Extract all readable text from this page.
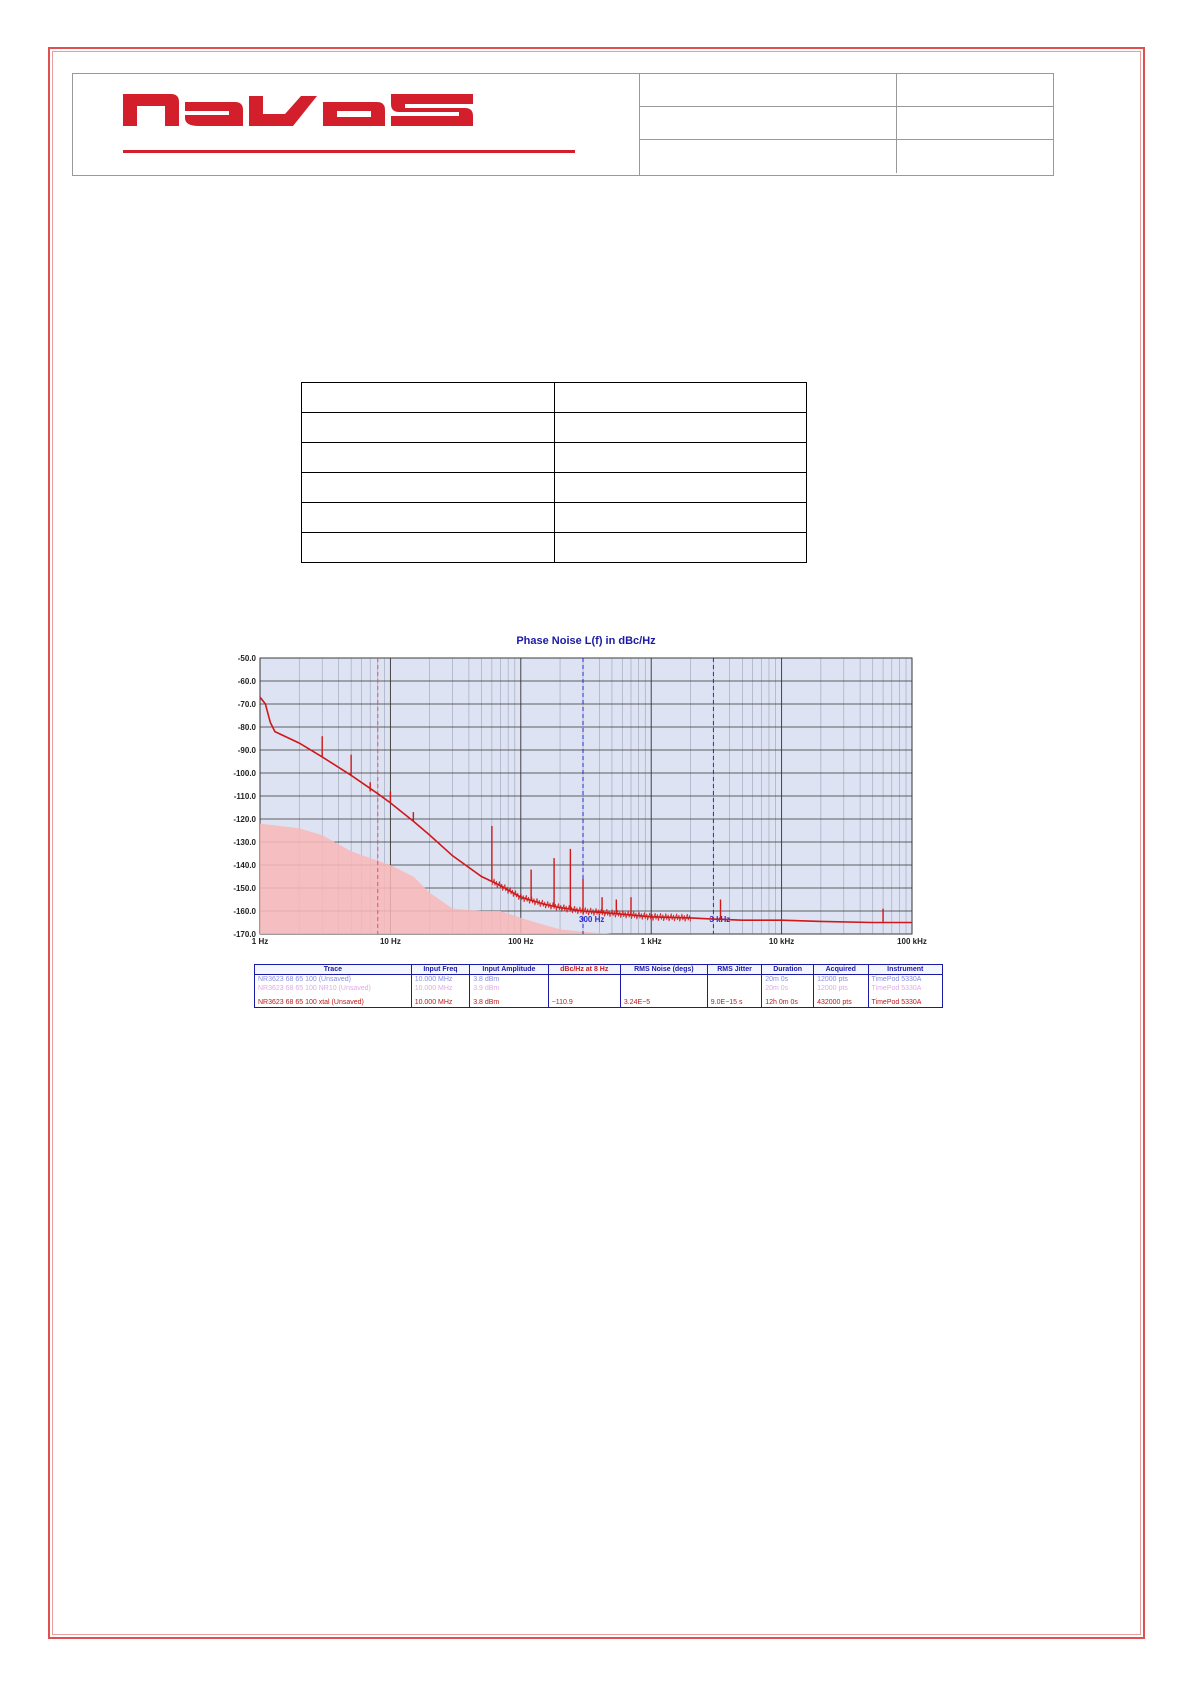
Phase Noise L(f) in dBc/Hz
1 Hz	10 Hz	100 Hz	1 kHz	10 kHz	100 kHz
-50.0
-60.0
-70.0
-80.0
-90.0
-100.0
-110.0
-120.0
-130.0
-140.0
-150.0
-160.0
-170.0
300 Hz	3 kHz
Trace	Input Freq	Input Amplitude	dBc/Hz at 8 Hz	RMS Noise (degs)	RMS Jitter	Duration	Acquired	Instrument
NR3623 68 65 100 (Unsaved)	10.000 MHz	3.8 dBm				20m 0s	12000 pts	TimePod 5330A
NR3623 68 65 100 NR10 (Unsaved)	10.000 MHz	3.9 dBm				20m 0s	12000 pts	TimePod 5330A

NR3623 68 65 100 xtal (Unsaved)	10.000 MHz	3.8 dBm	−110.9	3.24E−5	9.0E−15 s	12h 0m 0s	432000 pts	TimePod 5330A
